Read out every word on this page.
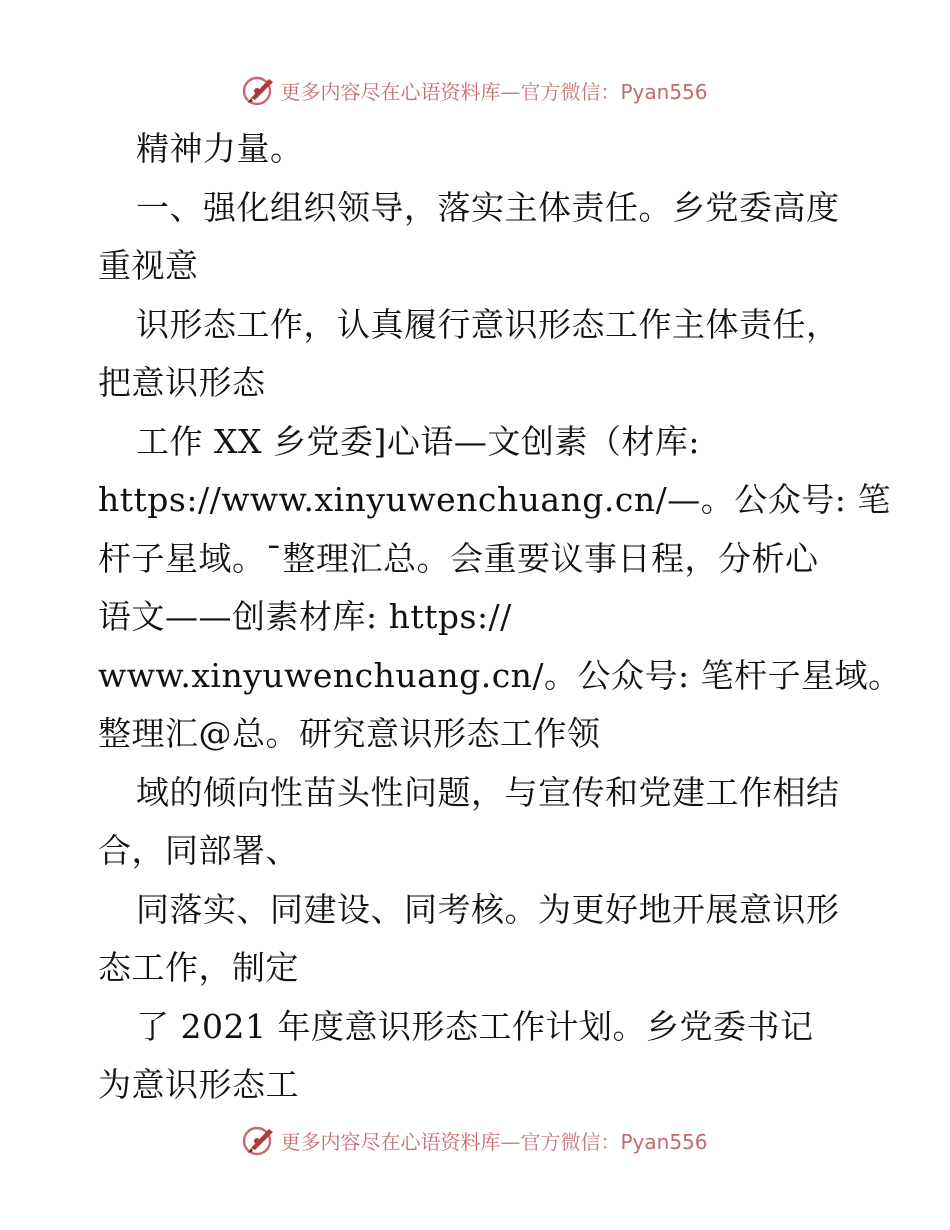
更多内容尽在心语资料库—官方微信：Pyan556
精神力量。
一、强化组织领导，落实主体责任。乡党委高度
重视意
识形态工作，认真履行意识形态工作主体责任，
把意识形态
工作 XX 乡党委]心语—文创素（材库:
https://www.xinyuwenchuang.cn/—。公众号: 笔
杆子星域。¯整理汇总。会重要议事日程，分析心
语文——创素材库: https://
www.xinyuwenchuang.cn/。公众号: 笔杆子星域。
整理汇@总。研究意识形态工作领
域的倾向性苗头性问题，与宣传和党建工作相结
合，同部署、
同落实、同建设、同考核。为更好地开展意识形
态工作，制定
了 2021 年度意识形态工作计划。乡党委书记
为意识形态工
更多内容尽在心语资料库—官方微信：Pyan556
